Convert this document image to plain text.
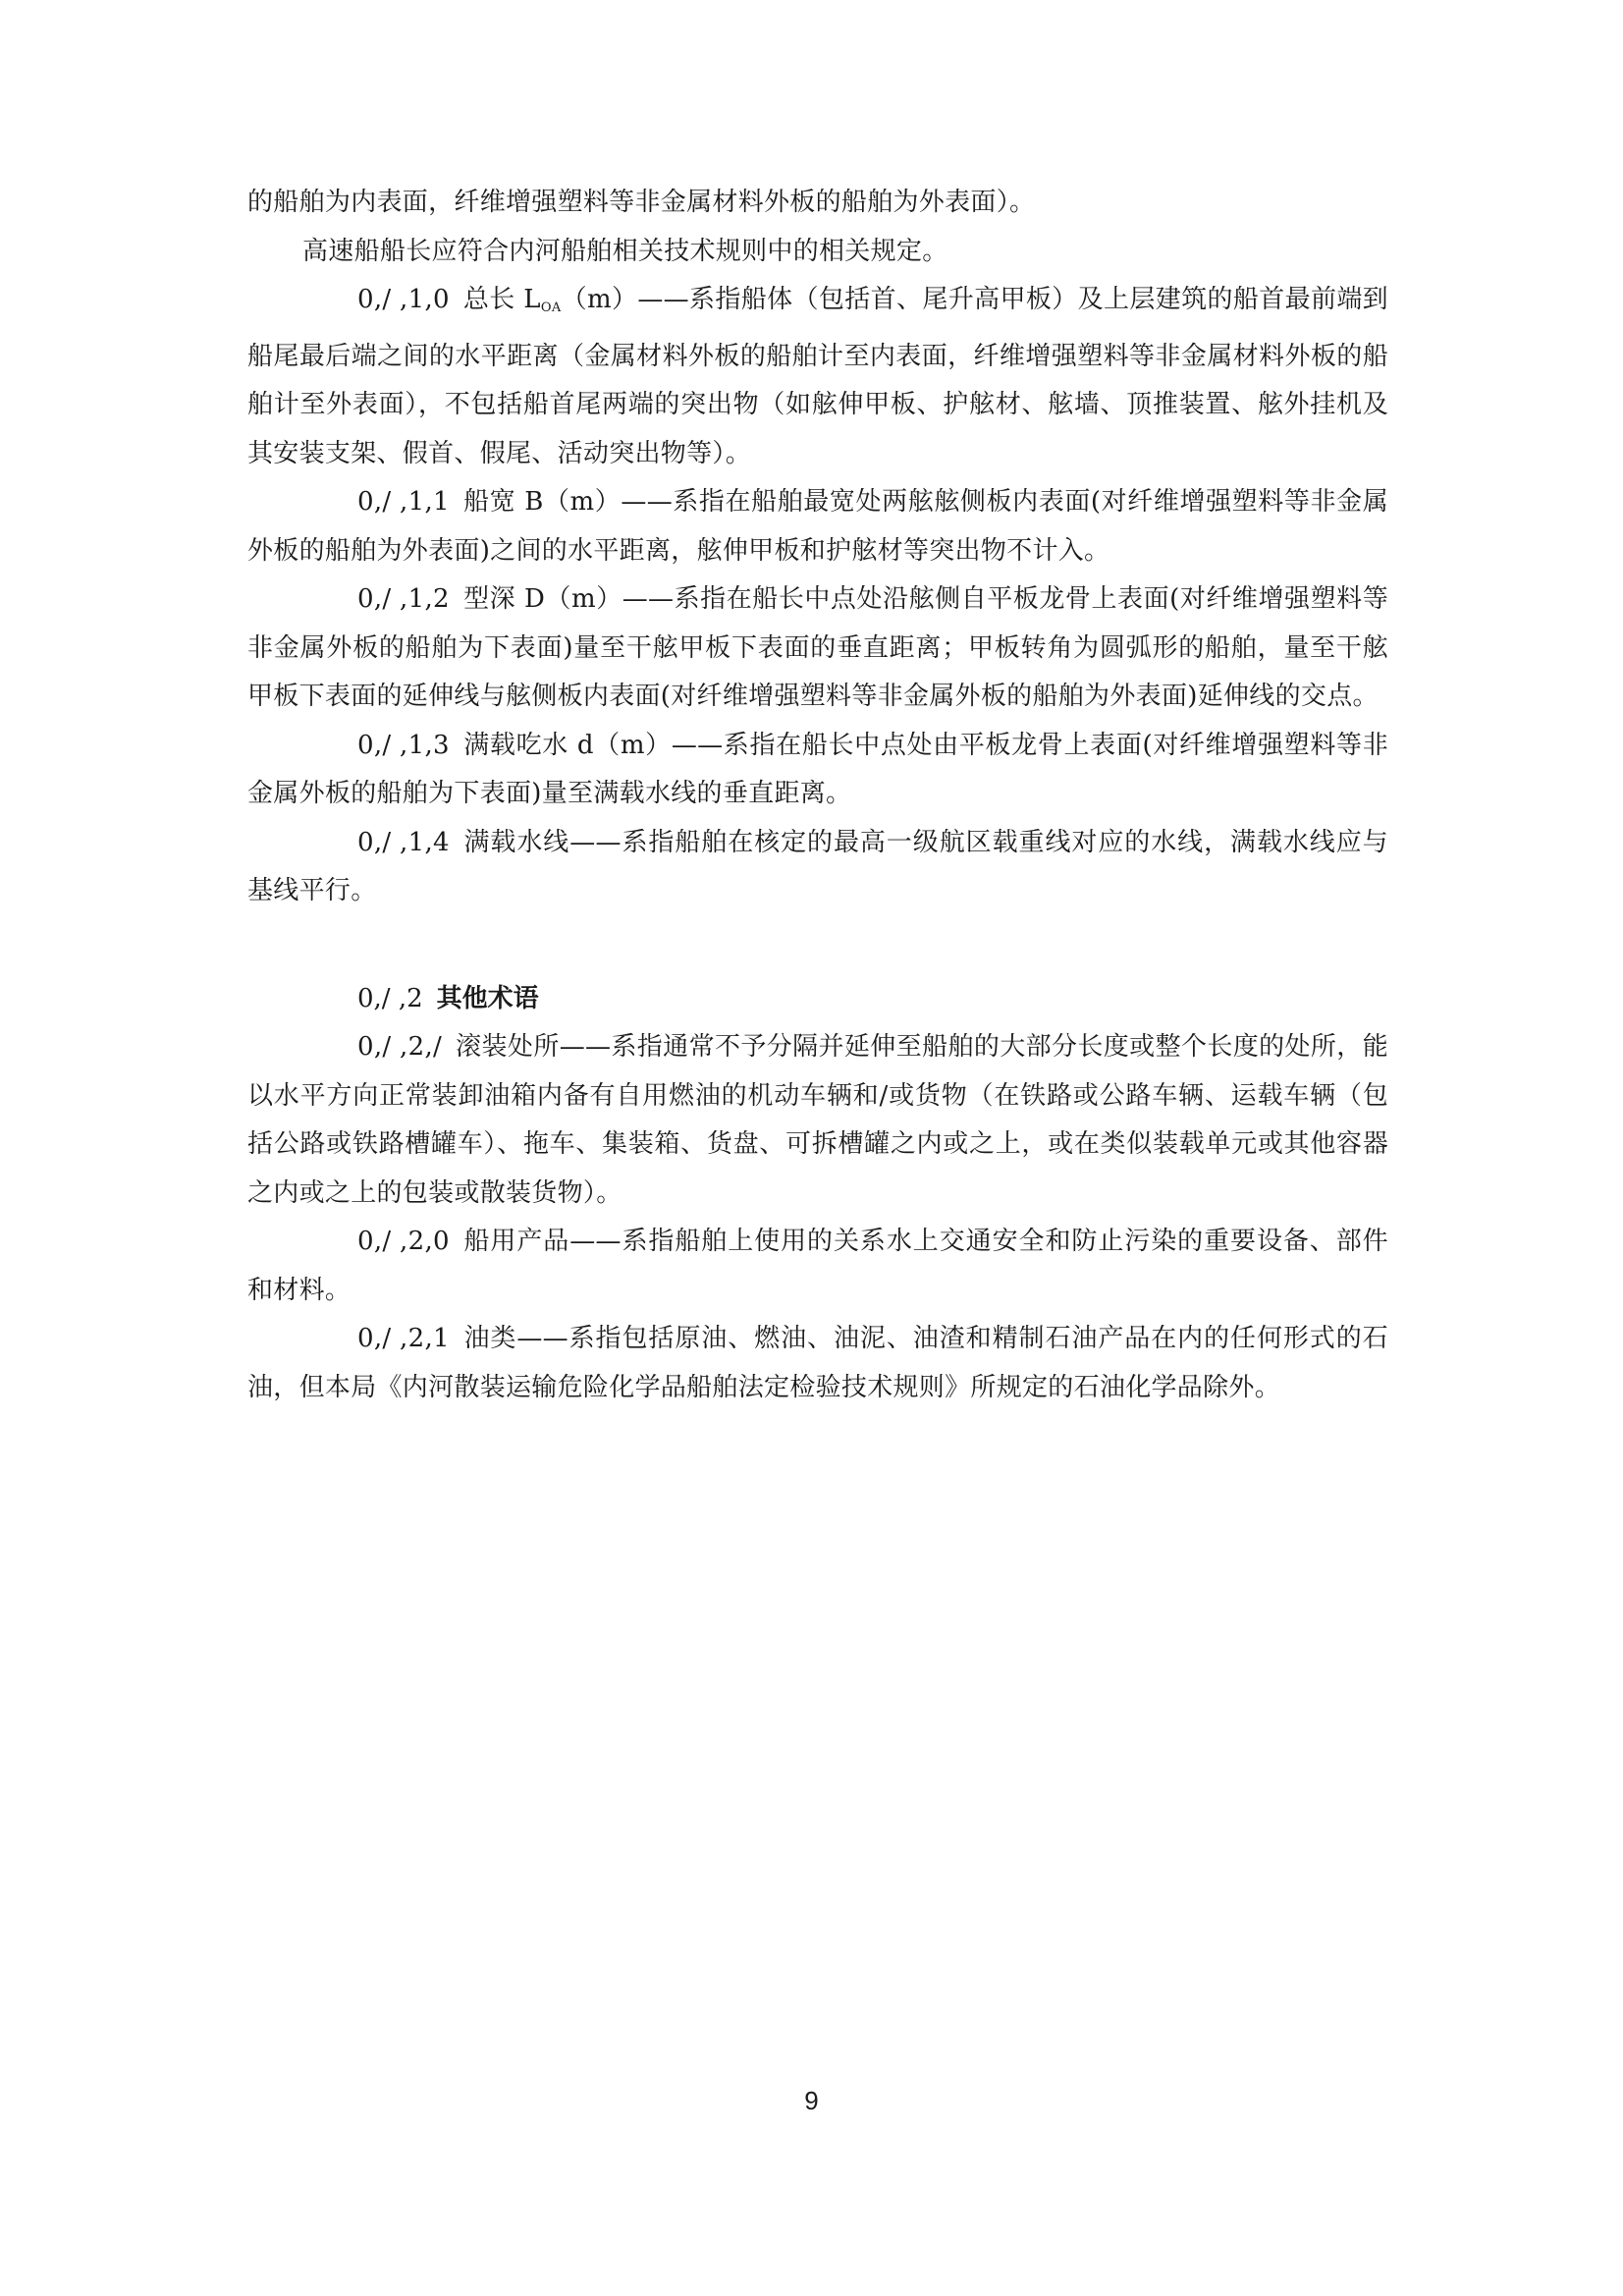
的船舶为内表面，纤维增强塑料等非金属材料外板的船舶为外表面）。

高速船船长应符合内河船舶相关技术规则中的相关规定。

0,/ ,1,0 总长 $L_{OA}(m)——$系指船体（包括首、尾升高甲板）及上层建筑的船首最前端到船尾最后端之间的水平距离（金属材料外板的船舶计至内表面，纤维增强塑料等非金属材料外板的船舶计至外表面），不包括船首尾两端的突出物（如舷伸甲板、护舷材、舷墙、顶推装置、舷外挂机及其安装支架、假首、假尾、活动突出物等）。

0,/ ,1,1 船宽 B（m）——系指在船舶最宽处两舷舷侧板内表面(对纤维增强塑料等非金属外板的船舶为外表面)之间的水平距离，舷伸甲板和护舷材等突出物不计入。

0,/ ,1,2 型深 D（m）——系指在船长中点处沿舷侧自平板龙骨上表面(对纤维增强塑料等非金属外板的船舶为下表面)量至干舷甲板下表面的垂直距离；甲板转角为圆弧形的船舶，量至干舷甲板下表面的延伸线与舷侧板内表面(对纤维增强塑料等非金属外板的船舶为外表面)延伸线的交点。

0,/ ,1,3 满载吃水 d（m）——系指在船长中点处由平板龙骨上表面(对纤维增强塑料等非金属外板的船舶为下表面)量至满载水线的垂直距离。

0,/ ,1,4 满载水线——系指船舶在核定的最高一级航区载重线对应的水线，满载水线应与基线平行。

0,/ ,2 其他术语

0,/ ,2,/ 滚装处所——系指通常不予分隔并延伸至船舶的大部分长度或整个长度的处所，能以水平方向正常装卸油箱内备有自用燃油的机动车辆和/或货物（在铁路或公路车辆、运载车辆（包括公路或铁路槽罐车）、拖车、集装箱、货盘、可拆槽罐之内或之上，或在类似装载单元或其他容器之内或之上的包装或散装货物）。

0,/ ,2,0 船用产品——系指船舶上使用的关系水上交通安全和防止污染的重要设备、部件和材料。

0,/ ,2,1 油类——系指包括原油、燃油、油泥、油渣和精制石油产品在内的任何形式的石油，但本局《内河散装运输危险化学品船舶法定检验技术规则》所规定的石油化学品除外。

9
